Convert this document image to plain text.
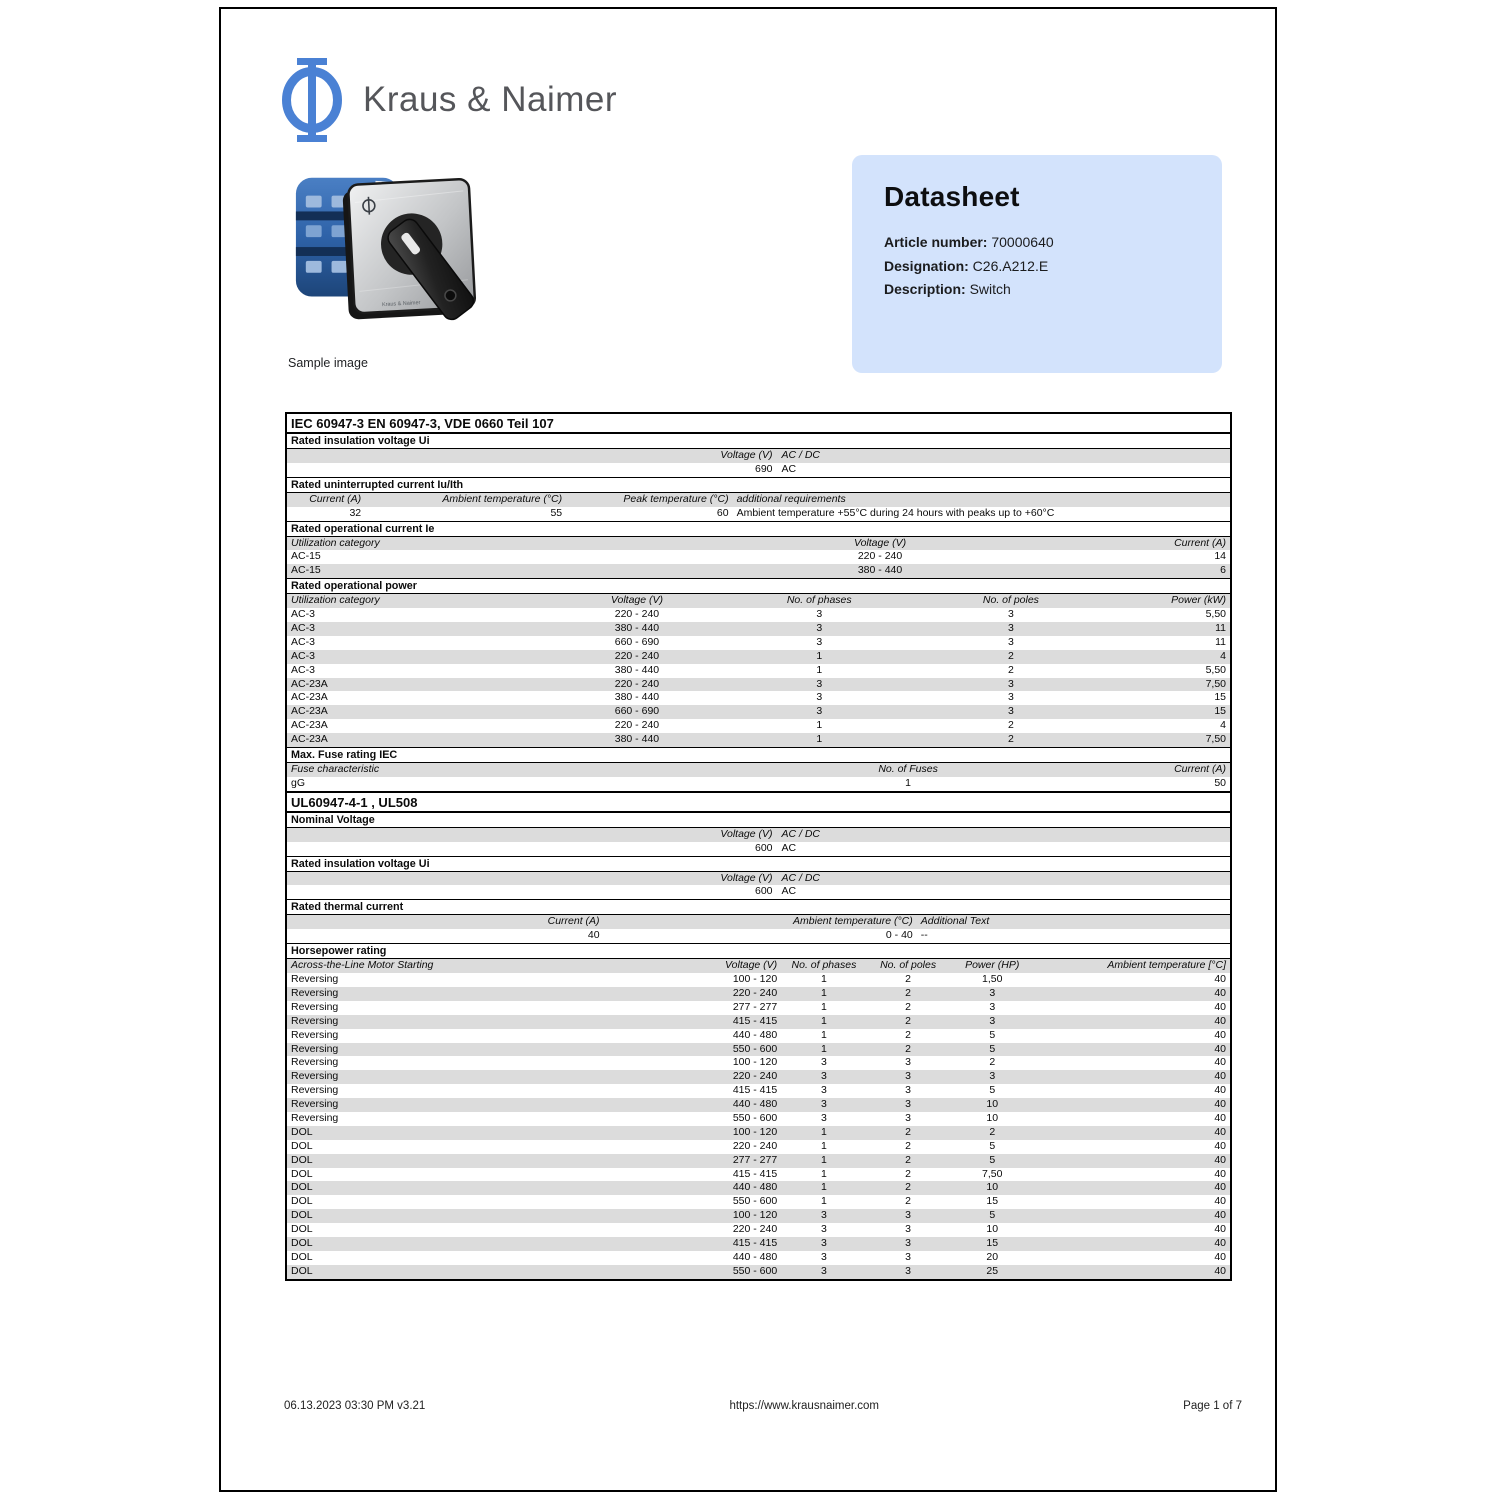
Kraus & Naimer
Kraus & Naimer
Sample image
Datasheet
Article number: 70000640
Designation: C26.A212.E
Description: Switch
IEC 60947-3 EN 60947-3, VDE 0660 Teil 107
Rated insulation voltage Ui
Voltage (V) AC / DC
690 AC
Rated uninterrupted current Iu/Ith
Current (A)	Ambient temperature (°C)	Peak temperature (°C) additional requirements
32	55	60 Ambient temperature +55°C during 24 hours with peaks up to +60°C
Rated operational current Ie
Utilization category	Voltage (V)	Current (A)
AC-15	220 - 240	14
AC-15	380 - 440	6
Rated operational power
Utilization category	Voltage (V)	No. of phases	No. of poles	Power (kW)
AC-3	220 - 240	3	3	5,50
AC-3	380 - 440	3	3	11
AC-3	660 - 690	3	3	11
AC-3	220 - 240	1	2	4
AC-3	380 - 440	1	2	5,50
AC-23A	220 - 240	3	3	7,50
AC-23A	380 - 440	3	3	15
AC-23A	660 - 690	3	3	15
AC-23A	220 - 240	1	2	4
AC-23A	380 - 440	1	2	7,50
Max. Fuse rating IEC
Fuse characteristic	No. of Fuses	Current (A)
gG	1	50
UL60947-4-1 , UL508
Nominal Voltage
Voltage (V) AC / DC
600 AC
Rated insulation voltage Ui
Voltage (V) AC / DC
600 AC
Rated thermal current
Current (A)	Ambient temperature (°C) Additional Text
40	0 - 40 --
Horsepower rating
Across-the-Line Motor Starting	Voltage (V)	No. of phases	No. of poles	Power (HP)	Ambient temperature [°C]
Reversing	100 - 120	1	2	1,50	40
Reversing	220 - 240	1	2	3	40
Reversing	277 - 277	1	2	3	40
Reversing	415 - 415	1	2	3	40
Reversing	440 - 480	1	2	5	40
Reversing	550 - 600	1	2	5	40
Reversing	100 - 120	3	3	2	40
Reversing	220 - 240	3	3	3	40
Reversing	415 - 415	3	3	5	40
Reversing	440 - 480	3	3	10	40
Reversing	550 - 600	3	3	10	40
DOL	100 - 120	1	2	2	40
DOL	220 - 240	1	2	5	40
DOL	277 - 277	1	2	5	40
DOL	415 - 415	1	2	7,50	40
DOL	440 - 480	1	2	10	40
DOL	550 - 600	1	2	15	40
DOL	100 - 120	3	3	5	40
DOL	220 - 240	3	3	10	40
DOL	415 - 415	3	3	15	40
DOL	440 - 480	3	3	20	40
DOL	550 - 600	3	3	25	40
06.13.2023 03:30 PM v3.21	https://www.krausnaimer.com	Page 1 of 7
